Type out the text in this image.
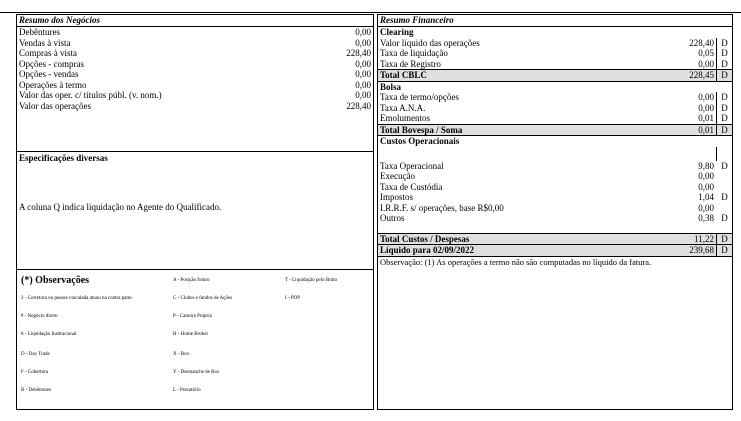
Resumo dos Negócios
Debêntures	0,00
Vendas à vista	0,00
Compras à vista	228,40
Opções - compras	0,00
Opções - vendas	0,00
Operações à termo	0,00
Valor das oper. c/ títulos públ. (v. nom.)	0,00
Valor das operações	228,40
Especificações diversas
A coluna Q indica liquidação no Agente do Qualificado.
(*) Observações	A - Posição futuro	T - Liquidação pelo Bruto
2 - Corretora ou pessoa vinculada atuou na contra parte.	C - Clubes e fundos de Ações	I - POP
# - Negócio direto	P - Carteira Própria
8 - Liquidação Institucional	H - Home Broker
D - Day Trade	X - Box
F - Cobertura	Y - Desmanche de Box
B - Debêntures	L - Precatório
Resumo Financeiro
Clearing
Valor líquido das operações	228,40 D
Taxa de liquidação	0,05 D
Taxa de Registro	0,00 D
Total CBLC	228,45 D
Bolsa
Taxa de termo/opções	0,00 D
Taxa A.N.A.	0,00 D
Emolumentos	0,01 D
Total Bovespa / Soma	0,01 D
Custos Operacionais
Taxa Operacional	9,80 D
Execução	0,00
Taxa de Custódia	0,00
Impostos	1,04 D
I.R.R.F. s/ operações, base R$0,00	0,00
Outros	0,38 D
Total Custos / Despesas	11,22 D
Líquido para 02/09/2022	239,68 D
Observação: (1) As operações a termo não são computadas no líquido da fatura.
